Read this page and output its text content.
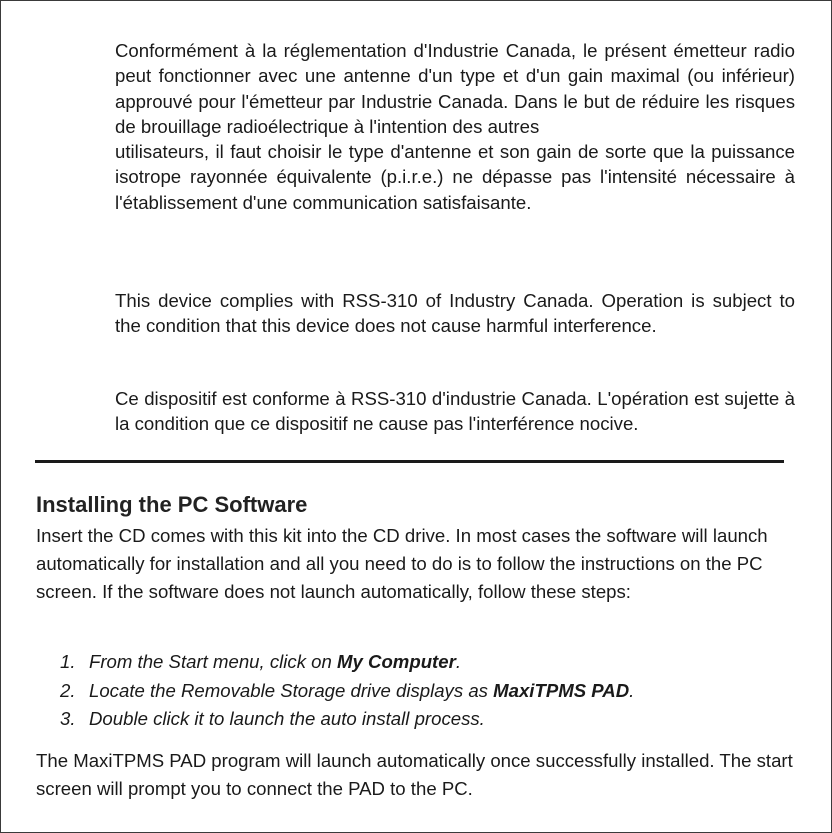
Conformément à la réglementation d'Industrie Canada, le présent émetteur radio peut fonctionner avec une antenne d'un type et d'un gain maximal (ou inférieur) approuvé pour l'émetteur par Industrie Canada. Dans le but de réduire les risques de brouillage radioélectrique à l'intention des autres

utilisateurs, il faut choisir le type d'antenne et son gain de sorte que la puissance isotrope rayonnée équivalente (p.i.r.e.) ne dépasse pas l'intensité nécessaire à l'établissement d'une communication satisfaisante.

This device complies with RSS-310 of Industry Canada. Operation is subject to the condition that this device does not cause harmful interference.

Ce dispositif est conforme à RSS-310 d'industrie Canada. L'opération est sujette à la condition que ce dispositif ne cause pas l'interférence nocive.

Installing the PC Software

Insert the CD comes with this kit into the CD drive. In most cases the software will launch automatically for installation and all you need to do is to follow the instructions on the PC screen. If the software does not launch automatically, follow these steps:

1. From the Start menu, click on My Computer.
2. Locate the Removable Storage drive displays as MaxiTPMS PAD.
3. Double click it to launch the auto install process.

The MaxiTPMS PAD program will launch automatically once successfully installed. The start screen will prompt you to connect the PAD to the PC.
